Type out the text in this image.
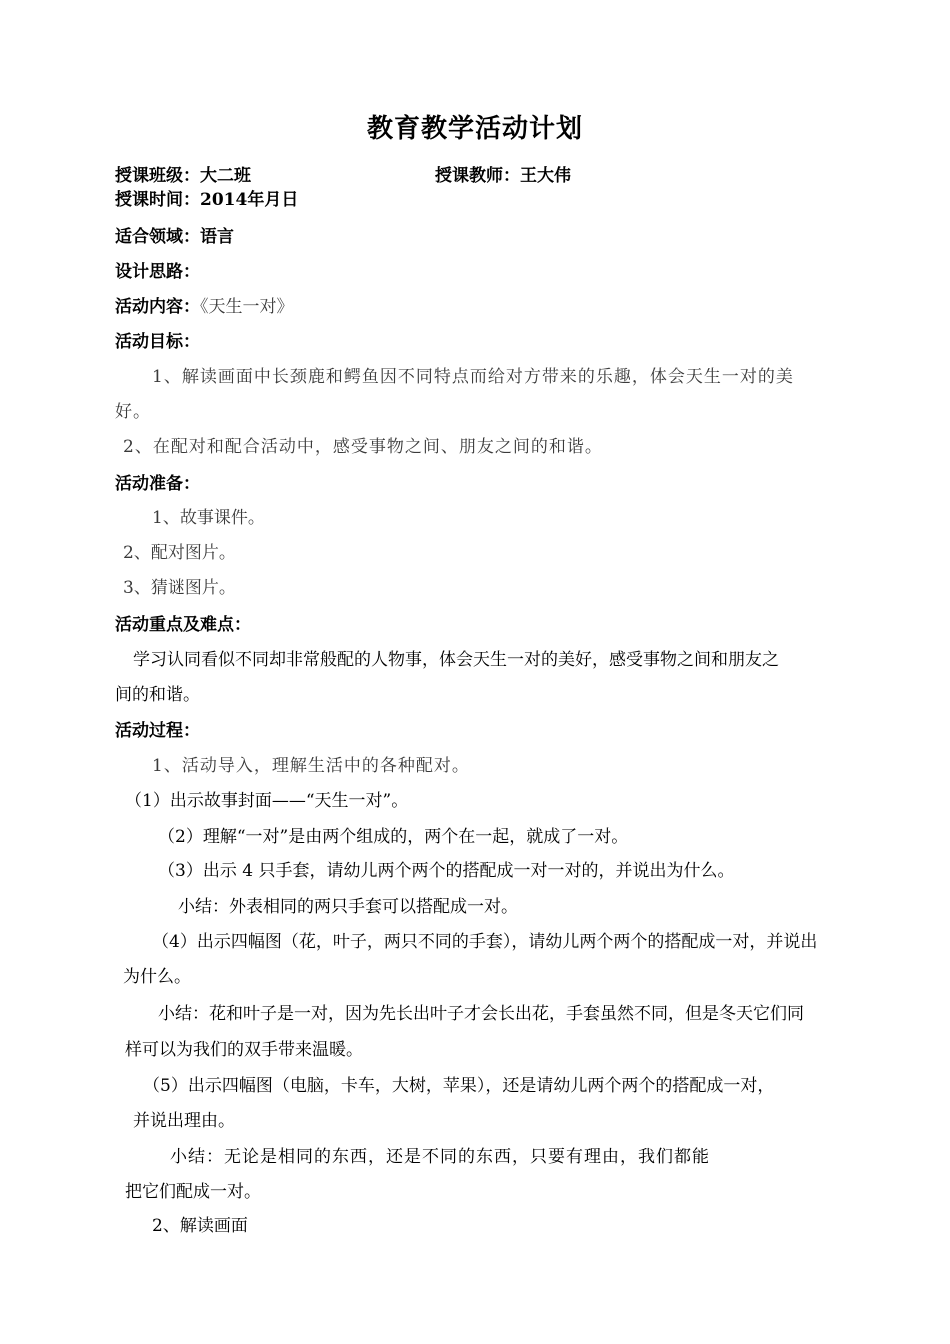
教育教学活动计划
授课班级：大二班	授课教师：王大伟
授课时间：2014年月日
适合领域：语言
设计思路：
活动内容：《天生一对》
活动目标：
1、解读画面中长颈鹿和鳄鱼因不同特点而给对方带来的乐趣，体会天生一对的美
好。
2、在配对和配合活动中，感受事物之间、朋友之间的和谐。
活动准备：
1、故事课件。
2、配对图片。
3、猜谜图片。
活动重点及难点：
学习认同看似不同却非常般配的人物事，体会天生一对的美好，感受事物之间和朋友之
间的和谐。
活动过程：
1、活动导入，理解生活中的各种配对。
（1）出示故事封面——“天生一对”。
（2）理解“一对”是由两个组成的，两个在一起，就成了一对。
（3）出示 4 只手套，请幼儿两个两个的搭配成一对一对的，并说出为什么。
小结：外表相同的两只手套可以搭配成一对。
（4）出示四幅图（花，叶子，两只不同的手套），请幼儿两个两个的搭配成一对，并说出
为什么。
小结：花和叶子是一对，因为先长出叶子才会长出花，手套虽然不同，但是冬天它们同
样可以为我们的双手带来温暖。
（5）出示四幅图（电脑，卡车，大树，苹果），还是请幼儿两个两个的搭配成一对，
并说出理由。
小结：无论是相同的东西，还是不同的东西，只要有理由，我们都能
把它们配成一对。
2、解读画面
